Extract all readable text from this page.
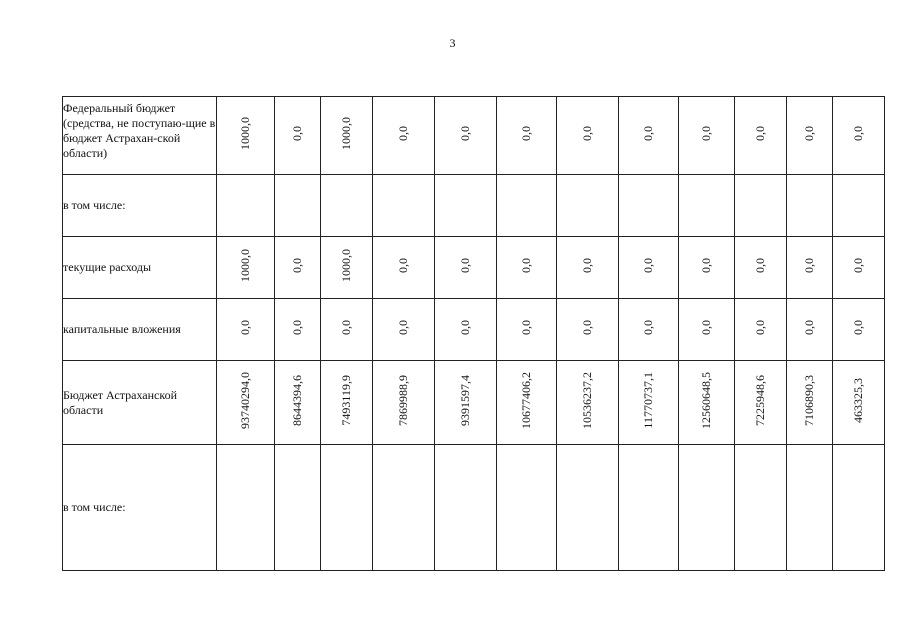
3
Федеральный бюджет (средства, не поступаю-щие в бюджет Астрахан-ской области)	1000,0	0,0	1000,0	0,0	0,0	0,0	0,0	0,0	0,0	0,0	0,0	0,0
в том числе:												
текущие расходы	1000,0	0,0	1000,0	0,0	0,0	0,0	0,0	0,0	0,0	0,0	0,0	0,0
капитальные вложения	0,0	0,0	0,0	0,0	0,0	0,0	0,0	0,0	0,0	0,0	0,0	0,0
Бюджет Астраханской области	93740294,0	8644394,6	7493119,9	7869988,9	9391597,4	10677406,2	10536237,2	11770737,1	12560648,5	7225948,6	7106890,3	463325,3
в том числе:												
